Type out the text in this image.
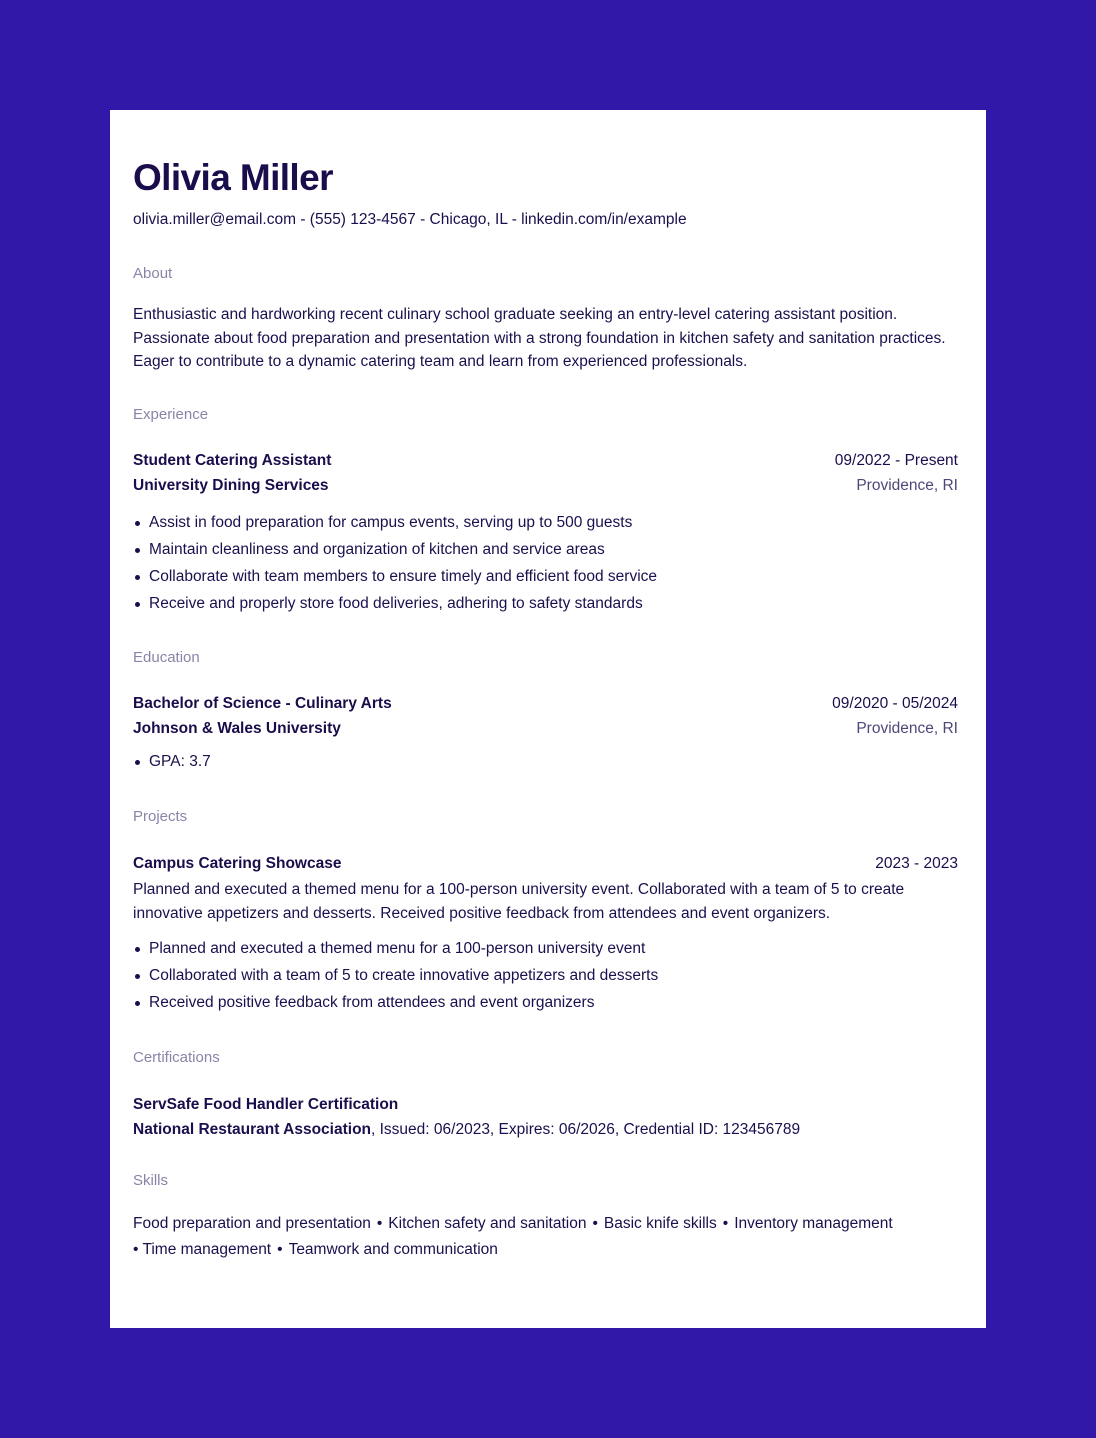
Olivia Miller
olivia.miller@email.com - (555) 123-4567 - Chicago, IL - linkedin.com/in/example
About
Enthusiastic and hardworking recent culinary school graduate seeking an entry-level catering assistant position. Passionate about food preparation and presentation with a strong foundation in kitchen safety and sanitation practices. Eager to contribute to a dynamic catering team and learn from experienced professionals.
Experience
Student Catering Assistant	09/2022 - Present
University Dining Services	Providence, RI
Assist in food preparation for campus events, serving up to 500 guests
Maintain cleanliness and organization of kitchen and service areas
Collaborate with team members to ensure timely and efficient food service
Receive and properly store food deliveries, adhering to safety standards
Education
Bachelor of Science - Culinary Arts	09/2020 - 05/2024
Johnson & Wales University	Providence, RI
GPA: 3.7
Projects
Campus Catering Showcase	2023 - 2023
Planned and executed a themed menu for a 100-person university event. Collaborated with a team of 5 to create innovative appetizers and desserts. Received positive feedback from attendees and event organizers.
Planned and executed a themed menu for a 100-person university event
Collaborated with a team of 5 to create innovative appetizers and desserts
Received positive feedback from attendees and event organizers
Certifications
ServSafe Food Handler Certification
National Restaurant Association, Issued: 06/2023, Expires: 06/2026, Credential ID: 123456789
Skills
Food preparation and presentation • Kitchen safety and sanitation • Basic knife skills • Inventory management
• Time management • Teamwork and communication
